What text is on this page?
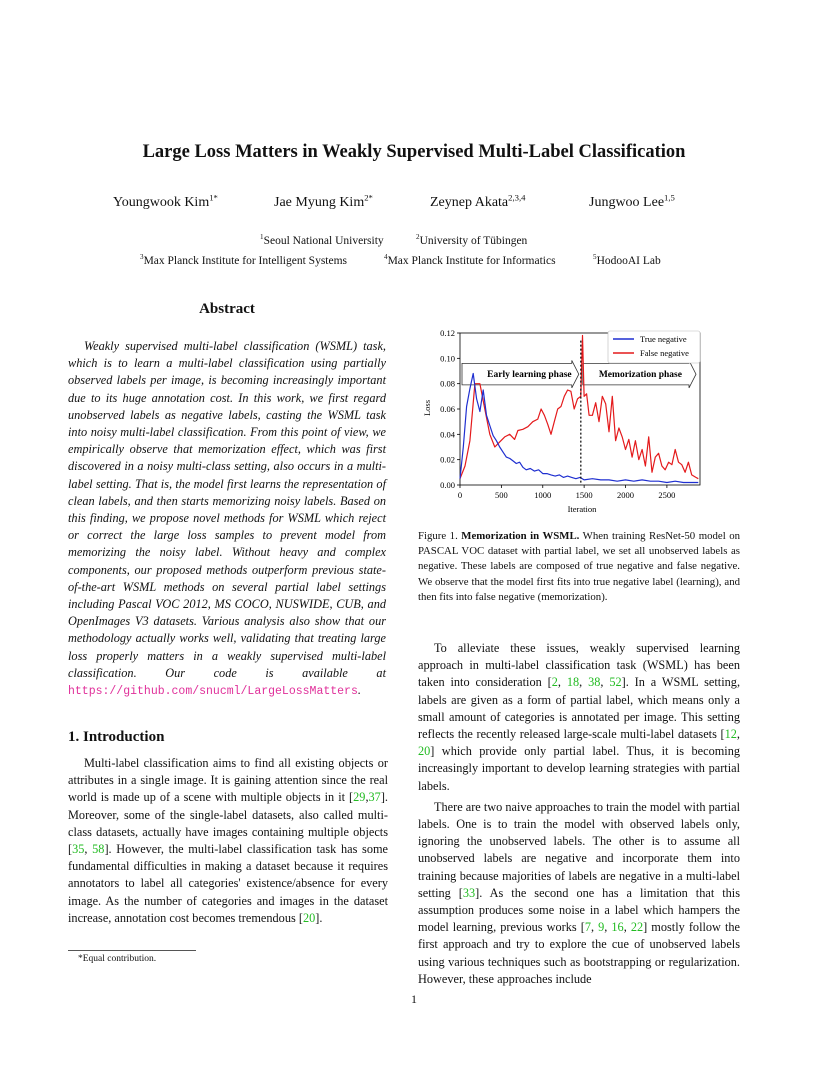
Large Loss Matters in Weakly Supervised Multi-Label Classification
Youngwook Kim$^{1*}$	Jae Myung Kim$^{2*}$	Zeynep Akata$^{2,3,4}$	Jungwoo Lee$^{1,5}$
$^1$Seoul National University	$^2$University of Tübingen
$^3$Max Planck Institute for Intelligent Systems	$^4$Max Planck Institute for Informatics	$^5$HodooAI Lab
Abstract
Weakly supervised multi-label classification (WSML) task, which is to learn a multi-label classification using partially observed labels per image, is becoming increasingly important due to its huge annotation cost. In this work, we first regard unobserved labels as negative labels, casting the WSML task into noisy multi-label classification. From this point of view, we empirically observe that memorization effect, which was first discovered in a noisy multi-class setting, also occurs in a multi-label setting. That is, the model first learns the representation of clean labels, and then starts memorizing noisy labels. Based on this finding, we propose novel methods for WSML which reject or correct the large loss samples to prevent model from memorizing the noisy label. Without heavy and complex components, our proposed methods outperform previous state-of-the-art WSML methods on several partial label settings including Pascal VOC 2012, MS COCO, NUSWIDE, CUB, and OpenImages V3 datasets. Various analysis also show that our methodology actually works well, validating that treating large loss properly matters in a weakly supervised multi-label classification. Our code is available at https://github.com/snucml/LargeLossMatters.
1. Introduction

Multi-label classification aims to find all existing objects or attributes in a single image. It is gaining attention since the real world is made up of a scene with multiple objects in it [29,37]. Moreover, some of the single-label datasets, also called multi-class datasets, actually have images containing multiple objects [35, 58]. However, the multi-label classification task has some fundamental difficulties in making a dataset because it requires annotators to label all categories' existence/absence for every image. As the number of categories and images in the dataset increase, annotation cost becomes tremendous [20].

*Equal contribution.
1
0.00
0.02
0.04
0.06
0.08
0.10
0.12
0	500	1000	1500	2000	2500
Early learning phase	Memorization phase
True negative
False negative
Loss
Iteration
Figure 1. Memorization in WSML. When training ResNet-50 model on PASCAL VOC dataset with partial label, we set all unobserved labels as negative. These labels are composed of true negative and false negative. We observe that the model first fits into true negative label (learning), and then fits into false negative (memorization).

To alleviate these issues, weakly supervised learning approach in multi-label classification task (WSML) has been taken into consideration [2, 18, 38, 52]. In a WSML setting, labels are given as a form of partial label, which means only a small amount of categories is annotated per image. This setting reflects the recently released large-scale multi-label datasets [12, 20] which provide only partial label. Thus, it is becoming increasingly important to develop learning strategies with partial labels.

There are two naive approaches to train the model with partial labels. One is to train the model with observed labels only, ignoring the unobserved labels. The other is to assume all unobserved labels are negative and incorporate them into training because majorities of labels are negative in a multi-label setting [33]. As the second one has a limitation that this assumption produces some noise in a label which hampers the model learning, previous works [7, 9, 16, 22] mostly follow the first approach and try to explore the cue of unobserved labels using various techniques such as bootstrapping or regularization. However, these approaches include
